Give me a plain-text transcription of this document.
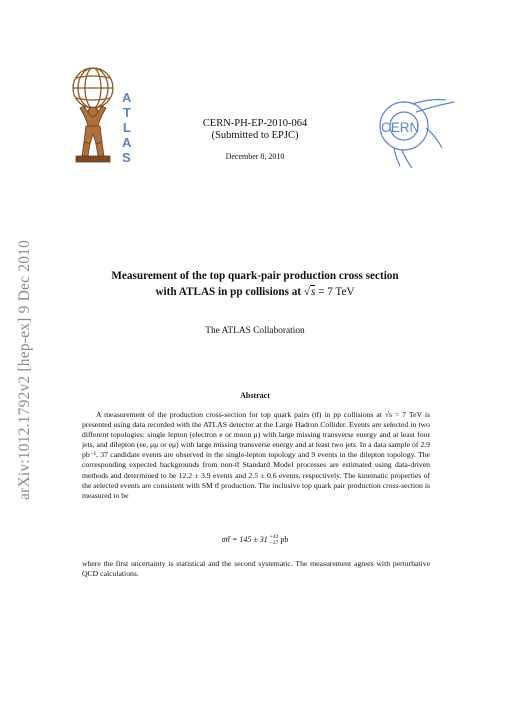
arXiv:1012.1792v2 [hep-ex] 9 Dec 2010
A
T
L
A
S
CERN
CERN-PH-EP-2010-064
(Submitted to EPJC)
December 8, 2010
Measurement of the top quark-pair production cross section
with ATLAS in pp collisions at √s = 7 TeV
The ATLAS Collaboration
Abstract

A measurement of the production cross-section for top quark pairs (tt̄) in pp collisions at √s = 7 TeV is presented using data recorded with the ATLAS detector at the Large Hadron Collider. Events are selected in two different topologies: single lepton (electron e or muon μ) with large missing transverse energy and at least four jets, and dilepton (ee, μμ or eμ) with large missing transverse energy and at least two jets. In a data sample of 2.9 pb⁻¹, 37 candidate events are observed in the single-lepton topology and 9 events in the dilepton topology. The corresponding expected backgrounds from non-tt̄ Standard Model processes are estimated using data-driven methods and determined to be 12.2 ± 3.9 events and 2.5 ± 0.6 events, respectively. The kinematic properties of the selected events are consistent with SM tt̄ production. The inclusive top quark pair production cross-section is measured to be

σtt̄ = 145 ± 31 +42
−27 pb
where the first uncertainty is statistical and the second systematic. The measurement agrees with perturbative QCD calculations.
